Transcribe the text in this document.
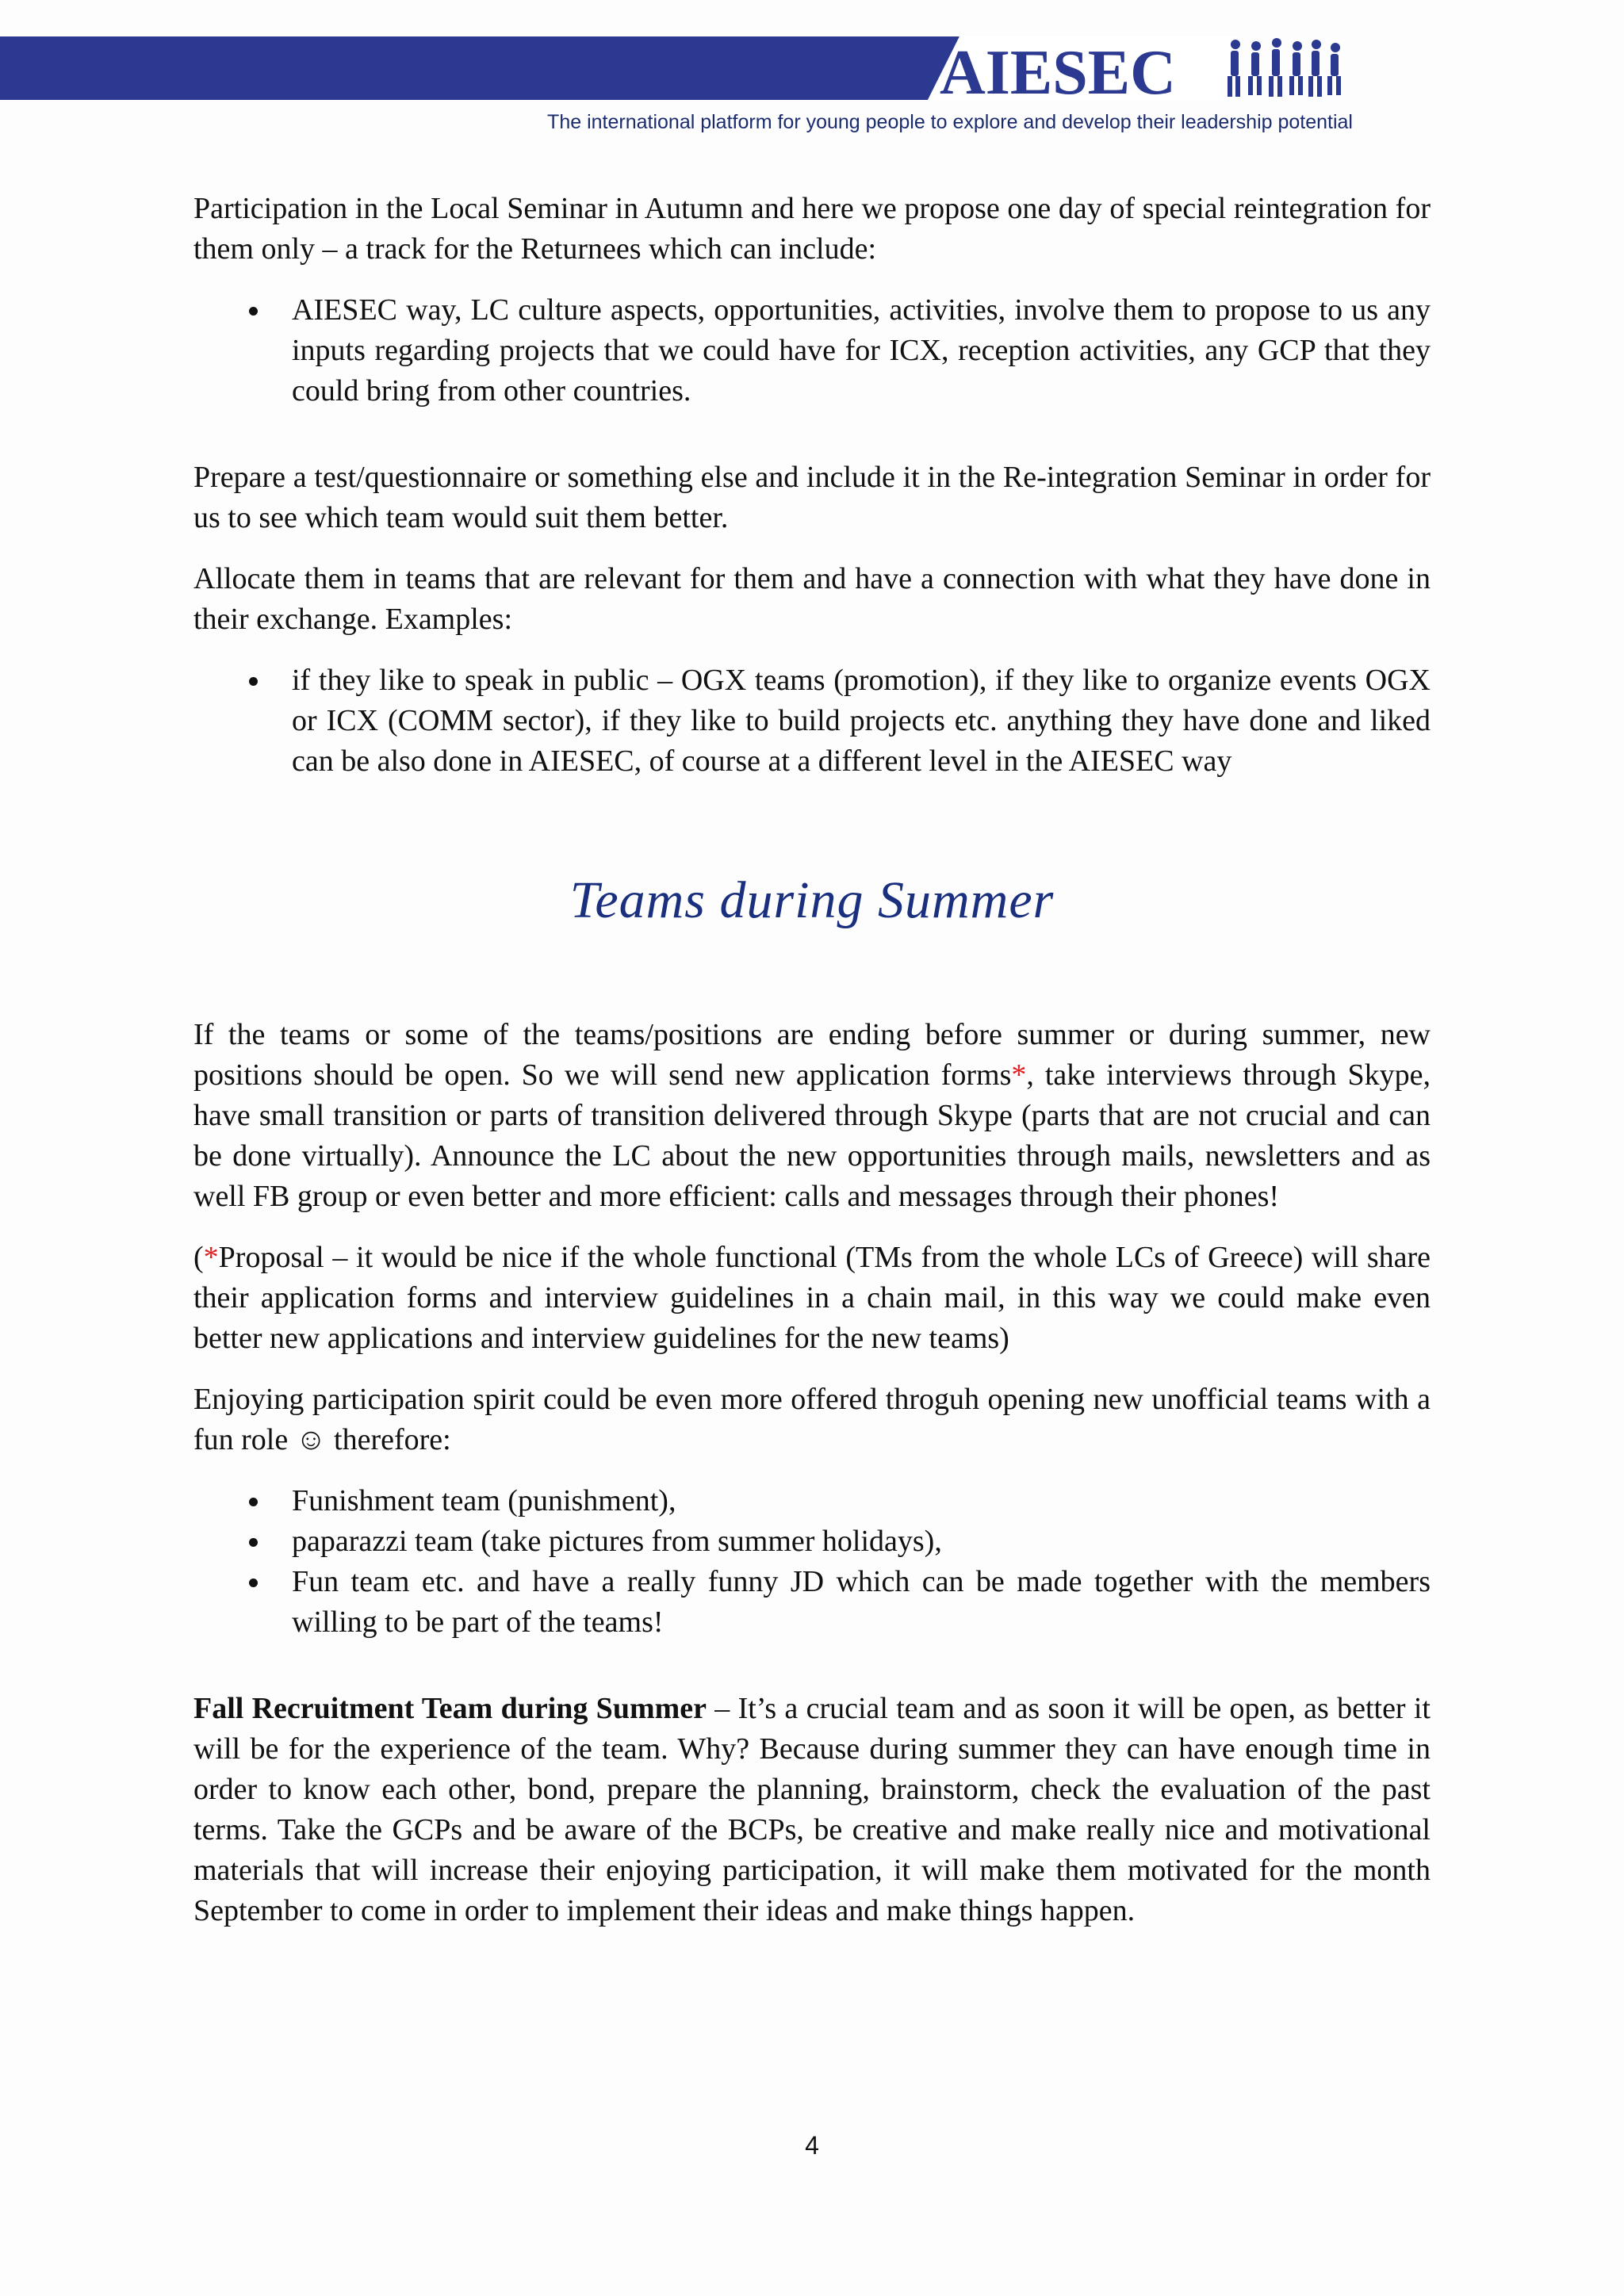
AIESEC
The international platform for young people to explore and develop their leadership potential

Participation in the Local Seminar in Autumn and here we propose one day of special reintegration for them only – a track for the Returnees which can include:

AIESEC way, LC culture aspects, opportunities, activities, involve them to propose to us any inputs regarding projects that we could have for ICX, reception activities, any GCP that they could bring from other countries.

Prepare a test/questionnaire or something else and include it in the Re-integration Seminar in order for us to see which team would suit them better.

Allocate them in teams that are relevant for them and have a connection with what they have done in their exchange. Examples:

if they like to speak in public – OGX teams (promotion), if they like to organize events OGX or ICX (COMM sector), if they like to build projects etc. anything they have done and liked can be also done in AIESEC, of course at a different level in the AIESEC way
Teams during Summer

If the teams or some of the teams/positions are ending before summer or during summer, new positions should be open. So we will send new application forms*, take interviews through Skype, have small transition or parts of transition delivered through Skype (parts that are not crucial and can be done virtually). Announce the LC about the new opportunities through mails, newsletters and as well FB group or even better and more efficient: calls and messages through their phones!

(*Proposal – it would be nice if the whole functional (TMs from the whole LCs of Greece) will share their application forms and interview guidelines in a chain mail, in this way we could make even better new applications and interview guidelines for the new teams)

Enjoying participation spirit could be even more offered throguh opening new unofficial teams with a fun role ☺ therefore:

Funishment team (punishment),
paparazzi team (take pictures from summer holidays),
Fun team etc. and have a really funny JD which can be made together with the members willing to be part of the teams!

Fall Recruitment Team during Summer – It’s a crucial team and as soon it will be open, as better it will be for the experience of the team. Why? Because during summer they can have enough time in order to know each other, bond, prepare the planning, brainstorm, check the evaluation of the past terms. Take the GCPs and be aware of the BCPs, be creative and make really nice and motivational materials that will increase their enjoying participation, it will make them motivated for the month September to come in order to implement their ideas and make things happen.

4
